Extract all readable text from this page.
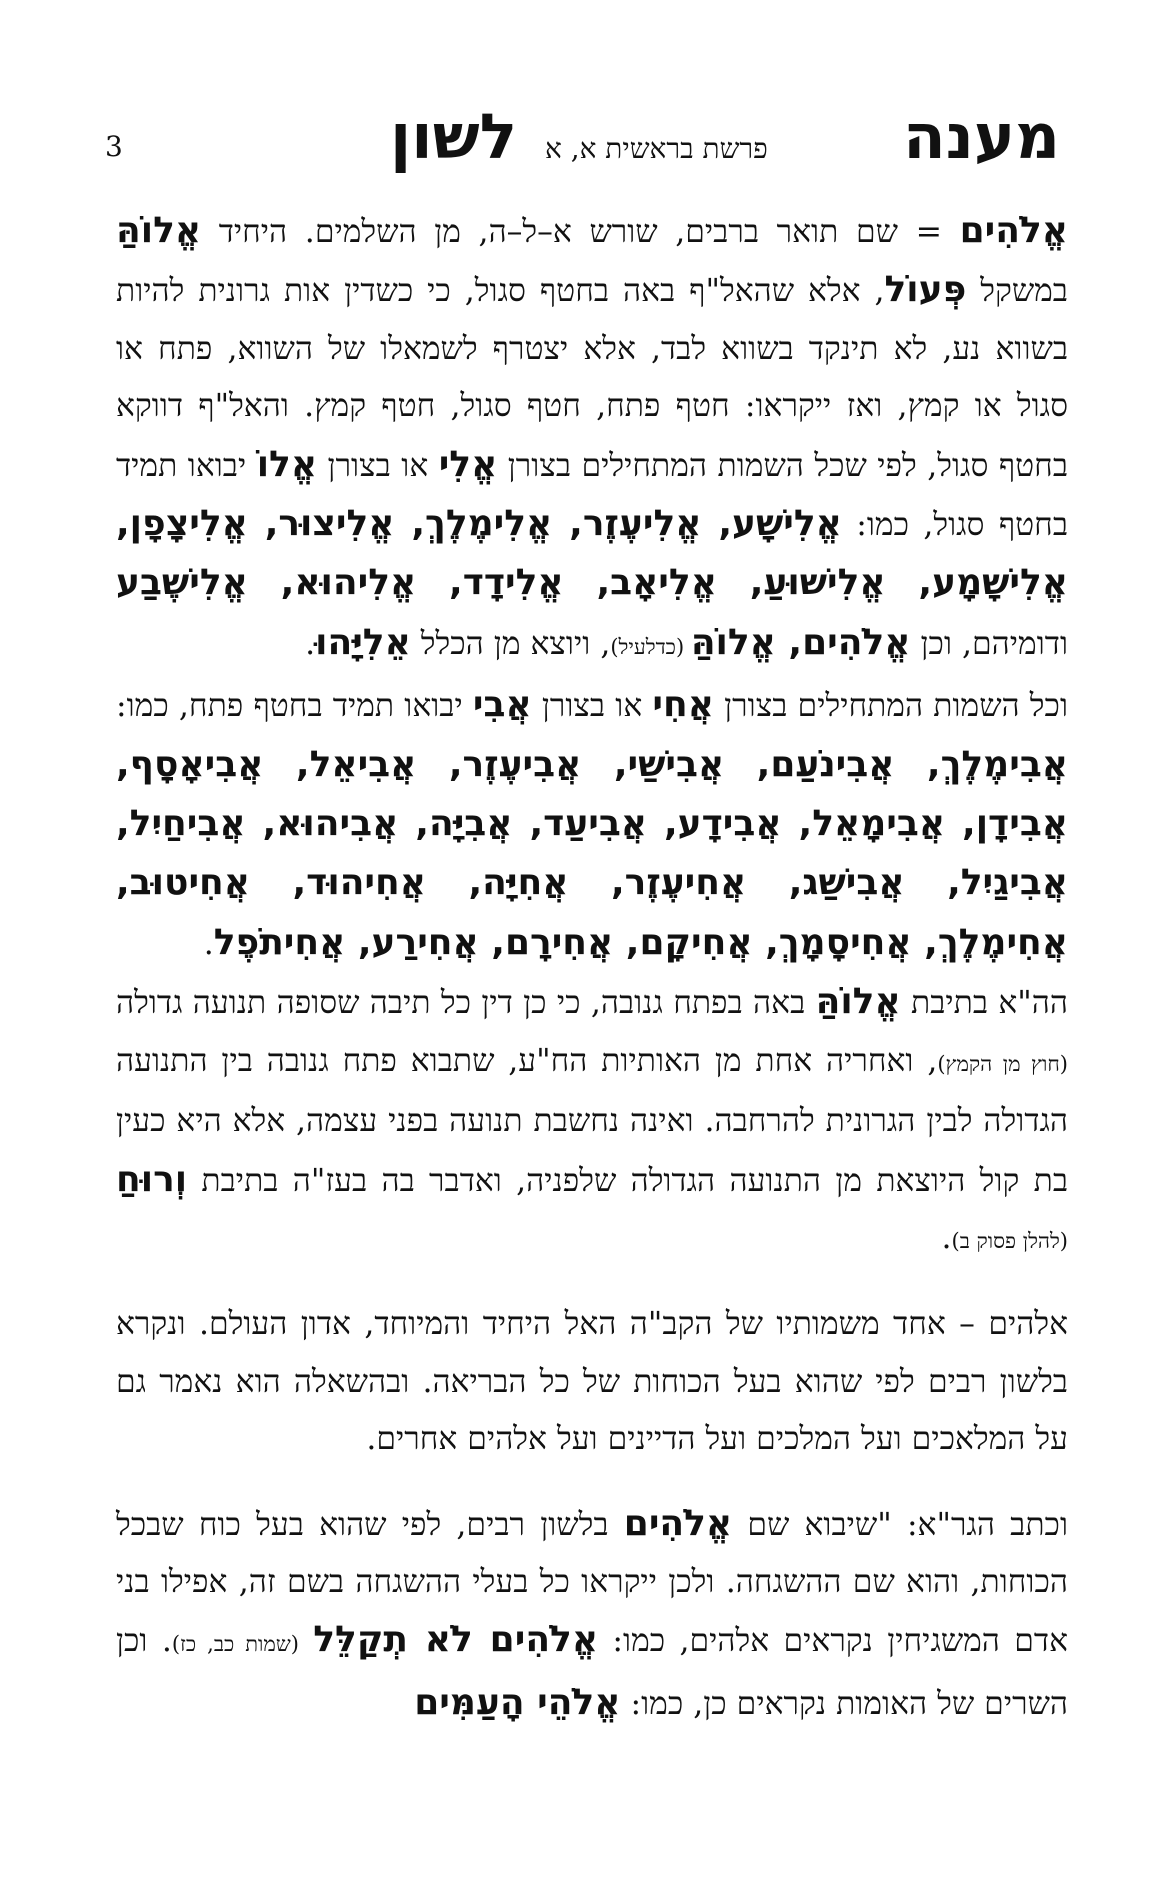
3	לשון פרשת בראשית א, א מענה

אֱלֹהִים = שם תואר ברבים, שורש א–ל–ה, מן השלמים. היחיד אֱלוֹהַּ במשקל פְּעוֹל, אלא שהאל"ף באה בחטף סגול, כי כשדין אות גרונית להיות בשווא נע, לא תינקד בשווא לבד, אלא יצטרף לשמאלו של השווא, פתח או סגול או קמץ, ואז ייקראו: חטף פתח, חטף סגול, חטף קמץ. והאל"ף דווקא בחטף סגול, לפי שכל השמות המתחילים בצורן אֱלִי או בצורן אֱלוֹ יבואו תמיד בחטף סגול, כמו: אֱלִישָׁע, אֱלִיעֶזֶר, אֱלִימֶלֶךְ, אֱלִיצוּר, אֱלִיצָפָן, אֱלִישָׁמָע, אֱלִישׁוּעַ, אֱלִיאָב, אֱלִידָד, אֱלִיהוּא, אֱלִישֶׁבַע ודומיהם, וכן אֱלֹהִים, אֱלוֹהַּ (כדלעיל), ויוצא מן הכלל אֵלִיָּהוּ.

וכל השמות המתחילים בצורן אֲחִי או בצורן אֲבִי יבואו תמיד בחטף פתח, כמו: אֲבִימֶלֶךְ, אֲבִינֹעַם, אֲבִישַׁי, אֲבִיעֶזֶר, אֲבִיאֵל, אֲבִיאָסָף, אֲבִידָן, אֲבִימָאֵל, אֲבִידָע, אֲבִיעַד, אֲבִיָּה, אֲבִיהוּא, אֲבִיחַיִל, אֲבִיגַיִל, אֲבִישַׁג, אֲחִיעֶזֶר, אֲחִיָּה, אֲחִיהוּד, אֲחִיטוּב, אֲחִימֶלֶךְ, אֲחִיסָמָךְ, אֲחִיקָם, אֲחִירָם, אֲחִירַע, אֲחִיתֹפֶל.

הה"א בתיבת אֱלוֹהַּ באה בפתח גנובה, כי כן דין כל תיבה שסופה תנועה גדולה (חוץ מן הקמץ), ואחריה אחת מן האותיות הח"ע, שתבוא פתח גנובה בין התנועה הגדולה לבין הגרונית להרחבה. ואינה נחשבת תנועה בפני עצמה, אלא היא כעין בת קול היוצאת מן התנועה הגדולה שלפניה, ואדבר בה בעז"ה בתיבת וְרוּחַ (להלן פסוק ב).

אלהים – אחד משמותיו של הקב"ה האל היחיד והמיוחד, אדון העולם. ונקרא בלשון רבים לפי שהוא בעל הכוחות של כל הבריאה. ובהשאלה הוא נאמר גם על המלאכים ועל המלכים ועל הדיינים ועל אלהים אחרים.

וכתב הגר"א: "שיבוא שם אֱלֹהִים בלשון רבים, לפי שהוא בעל כוח שבכל הכוחות, והוא שם ההשגחה. ולכן ייקראו כל בעלי ההשגחה בשם זה, אפילו בני אדם המשגיחין נקראים אלהים, כמו: אֱלֹהִים לֹא תְקַלֵּל (שמות כב, כז). וכן השרים של האומות נקראים כן, כמו: אֱלֹהֵי הָעַמִּים
